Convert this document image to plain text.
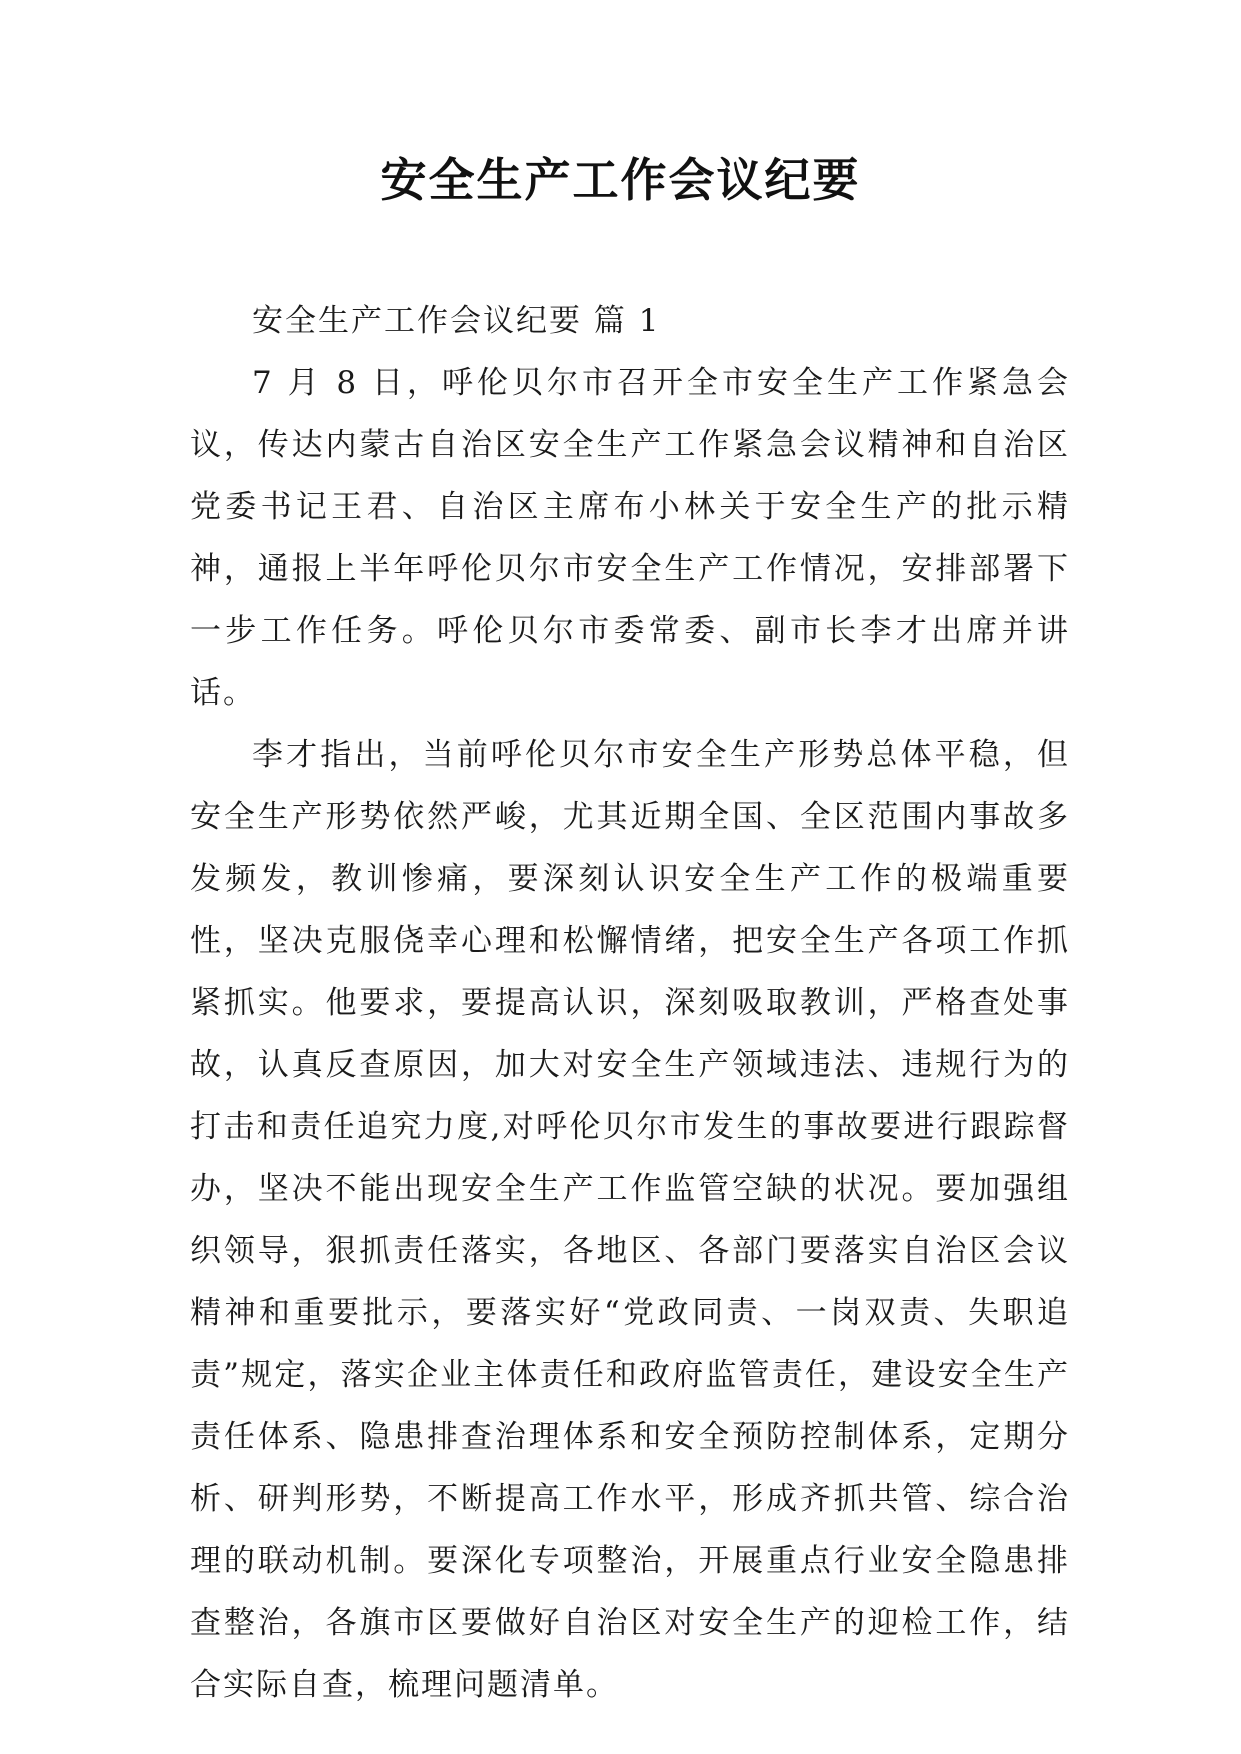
安全生产工作会议纪要

安全生产工作会议纪要 篇 1

7 月 8 日，呼伦贝尔市召开全市安全生产工作紧急会议，传达内蒙古自治区安全生产工作紧急会议精神和自治区党委书记王君、自治区主席布小林关于安全生产的批示精神，通报上半年呼伦贝尔市安全生产工作情况，安排部署下一步工作任务。呼伦贝尔市委常委、副市长李才出席并讲话。

李才指出，当前呼伦贝尔市安全生产形势总体平稳，但安全生产形势依然严峻，尤其近期全国、全区范围内事故多发频发，教训惨痛，要深刻认识安全生产工作的极端重要性，坚决克服侥幸心理和松懈情绪，把安全生产各项工作抓紧抓实。他要求，要提高认识，深刻吸取教训，严格查处事故，认真反查原因，加大对安全生产领域违法、违规行为的打击和责任追究力度,对呼伦贝尔市发生的事故要进行跟踪督办，坚决不能出现安全生产工作监管空缺的状况。要加强组织领导，狠抓责任落实，各地区、各部门要落实自治区会议精神和重要批示，要落实好“党政同责、一岗双责、失职追责”规定，落实企业主体责任和政府监管责任，建设安全生产责任体系、隐患排查治理体系和安全预防控制体系，定期分析、研判形势，不断提高工作水平，形成齐抓共管、综合治理的联动机制。要深化专项整治，开展重点行业安全隐患排查整治，各旗市区要做好自治区对安全生产的迎检工作，结合实际自查，梳理问题清单。
